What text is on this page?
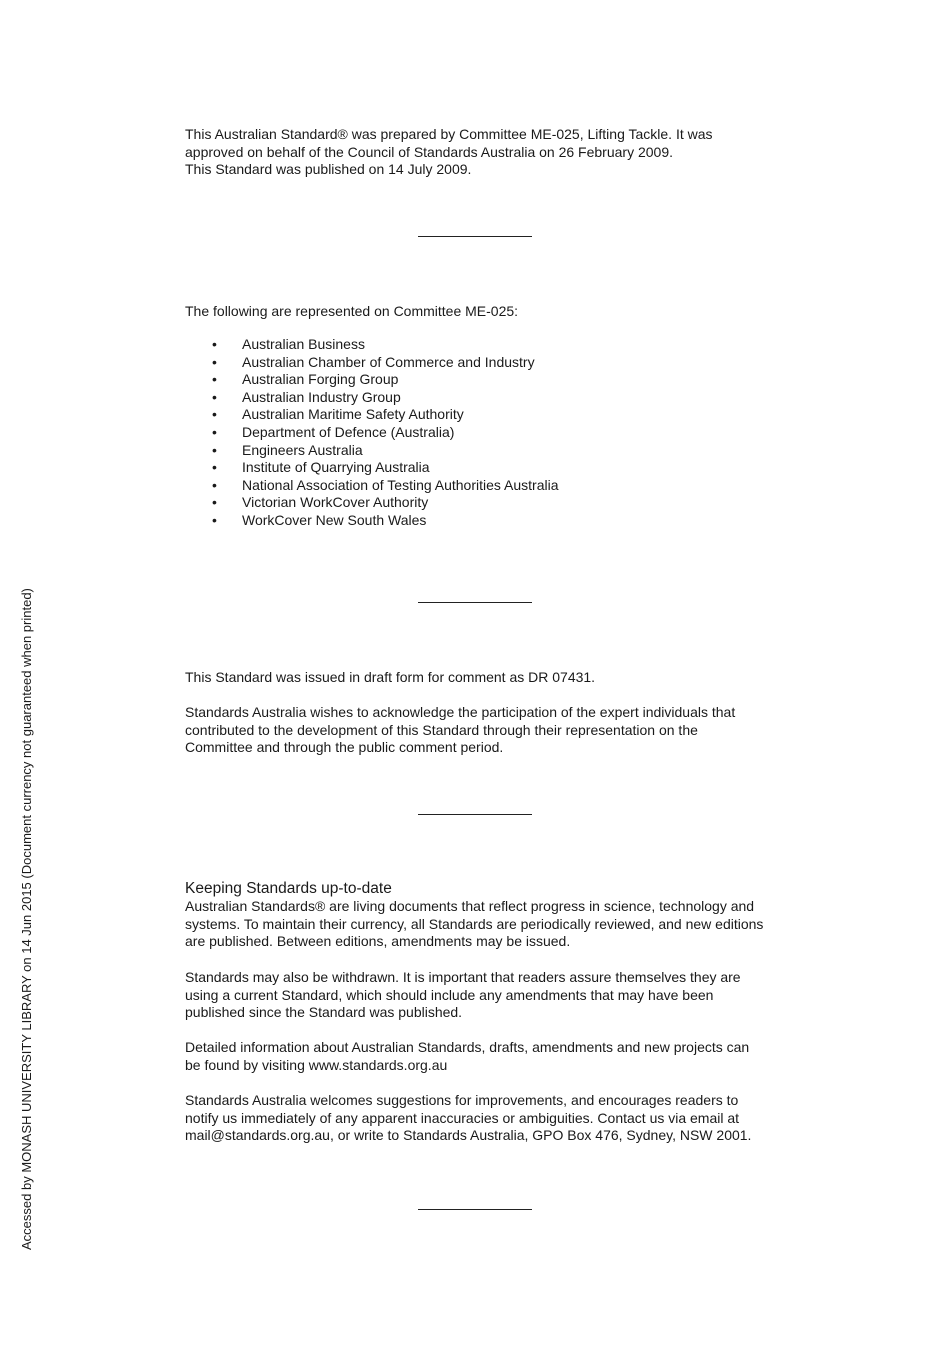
This Australian Standard® was prepared by Committee ME-025, Lifting Tackle. It was

approved on behalf of the Council of Standards Australia on 26 February 2009.

This Standard was published on 14 July 2009.

The following are represented on Committee ME-025:

• Australian Business
• Australian Chamber of Commerce and Industry
• Australian Forging Group
• Australian Industry Group
• Australian Maritime Safety Authority
• Department of Defence (Australia)
• Engineers Australia
• Institute of Quarrying Australia
• National Association of Testing Authorities Australia
• Victorian WorkCover Authority
• WorkCover New South Wales

This Standard was issued in draft form for comment as DR 07431.

Standards Australia wishes to acknowledge the participation of the expert individuals that

contributed to the development of this Standard through their representation on the

Committee and through the public comment period.

Keeping Standards up-to-date

Australian Standards® are living documents that reflect progress in science, technology and

systems. To maintain their currency, all Standards are periodically reviewed, and new editions

are published. Between editions, amendments may be issued.

Standards may also be withdrawn. It is important that readers assure themselves they are

using a current Standard, which should include any amendments that may have been

published since the Standard was published.

Detailed information about Australian Standards, drafts, amendments and new projects can

be found by visiting www.standards.org.au

Standards Australia welcomes suggestions for improvements, and encourages readers to

notify us immediately of any apparent inaccuracies or ambiguities. Contact us via email at

mail@standards.org.au, or write to Standards Australia, GPO Box 476, Sydney, NSW 2001.

Accessed by MONASH UNIVERSITY LIBRARY on 14 Jun 2015 (Document currency not guaranteed when printed)
